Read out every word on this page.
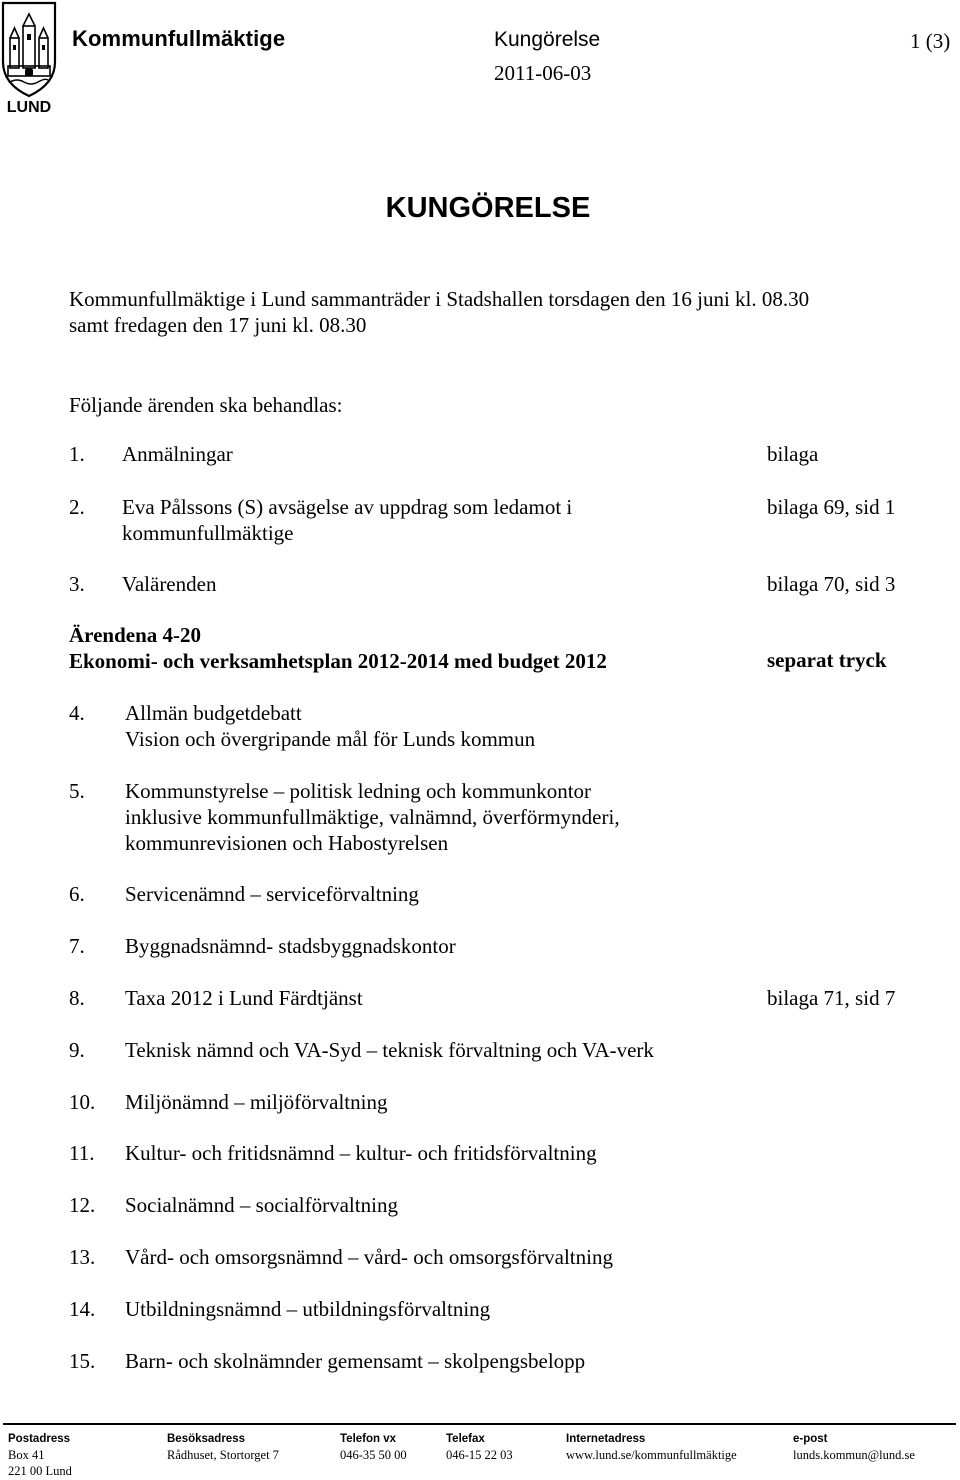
LUND
Kommunfullmäktige	Kungörelse	1 (3)
2011-06-03
KUNGÖRELSE
Kommunfullmäktige i Lund sammanträder i Stadshallen torsdagen den 16 juni kl. 08.30
samt fredagen den 17 juni kl. 08.30
Följande ärenden ska behandlas:
1. Anmälningar	bilaga
2. Eva Pålssons (S) avsägelse av uppdrag som ledamot i
kommunfullmäktige
bilaga 69, sid 1
3. Valärenden	bilaga 70, sid 3
Ärendena 4-20
Ekonomi- och verksamhetsplan 2012-2014 med budget 2012	separat tryck
4. Allmän budgetdebatt
Vision och övergripande mål för Lunds kommun
5. Kommunstyrelse – politisk ledning och kommunkontor
inklusive kommunfullmäktige, valnämnd, överförmynderi,
kommunrevisionen och Habostyrelsen
6. Servicenämnd – serviceförvaltning
7. Byggnadsnämnd- stadsbyggnadskontor
8. Taxa 2012 i Lund Färdtjänst	bilaga 71, sid 7
9. Teknisk nämnd och VA-Syd – teknisk förvaltning och VA-verk
10. Miljönämnd – miljöförvaltning
11. Kultur- och fritidsnämnd – kultur- och fritidsförvaltning
12. Socialnämnd – socialförvaltning
13. Vård- och omsorgsnämnd – vård- och omsorgsförvaltning
14. Utbildningsnämnd – utbildningsförvaltning
15. Barn- och skolnämnder gemensamt – skolpengsbelopp
Postadress
Box 41
221 00 Lund
Besöksadress
Rådhuset, Stortorget 7
Telefon vx
046-35 50 00
Telefax
046-15 22 03
Internetadress
www.lund.se/kommunfullmäktige
e-post
lunds.kommun@lund.se
